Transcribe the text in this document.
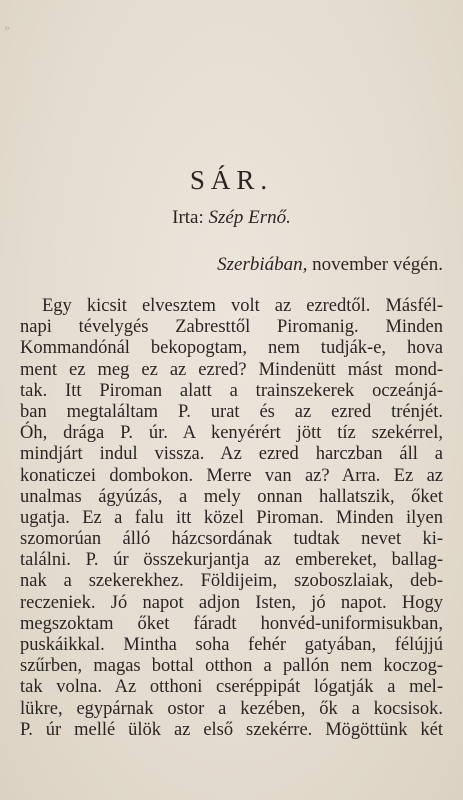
»
SÁR.
Irta: Szép Ernő.
Szerbiában, november végén.
Egy kicsit elvesztem volt az ezredtől. Másfél-
napi tévelygés Zabresttől Piromanig. Minden
Kommandónál bekopogtam, nem tudják-e, hova
ment ez meg ez az ezred? Mindenütt mást mond-
tak. Itt Piroman alatt a trainszekerek oczeánjá-
ban megtaláltam P. urat és az ezred trénjét.
Óh, drága P. úr. A kenyérért jött tíz szekérrel,
mindjárt indul vissza. Az ezred harczban áll a
konaticzei dombokon. Merre van az? Arra. Ez az
unalmas ágyúzás, a mely onnan hallatszik, őket
ugatja. Ez a falu itt közel Piroman. Minden ilyen
szomorúan álló házcsordának tudtak nevet ki-
találni. P. úr összekurjantja az embereket, ballag-
nak a szekerekhez. Földijeim, szoboszlaiak, deb-
reczeniek. Jó napot adjon Isten, jó napot. Hogy
megszoktam őket fáradt honvéd-uniformisukban,
puskáikkal. Mintha soha fehér gatyában, félújjú
szűrben, magas bottal otthon a pallón nem koczog-
tak volna. Az otthoni cseréppipát lógatják a mel-
lükre, egypárnak ostor a kezében, ők a kocsisok.
P. úr mellé ülök az első szekérre. Mögöttünk két
